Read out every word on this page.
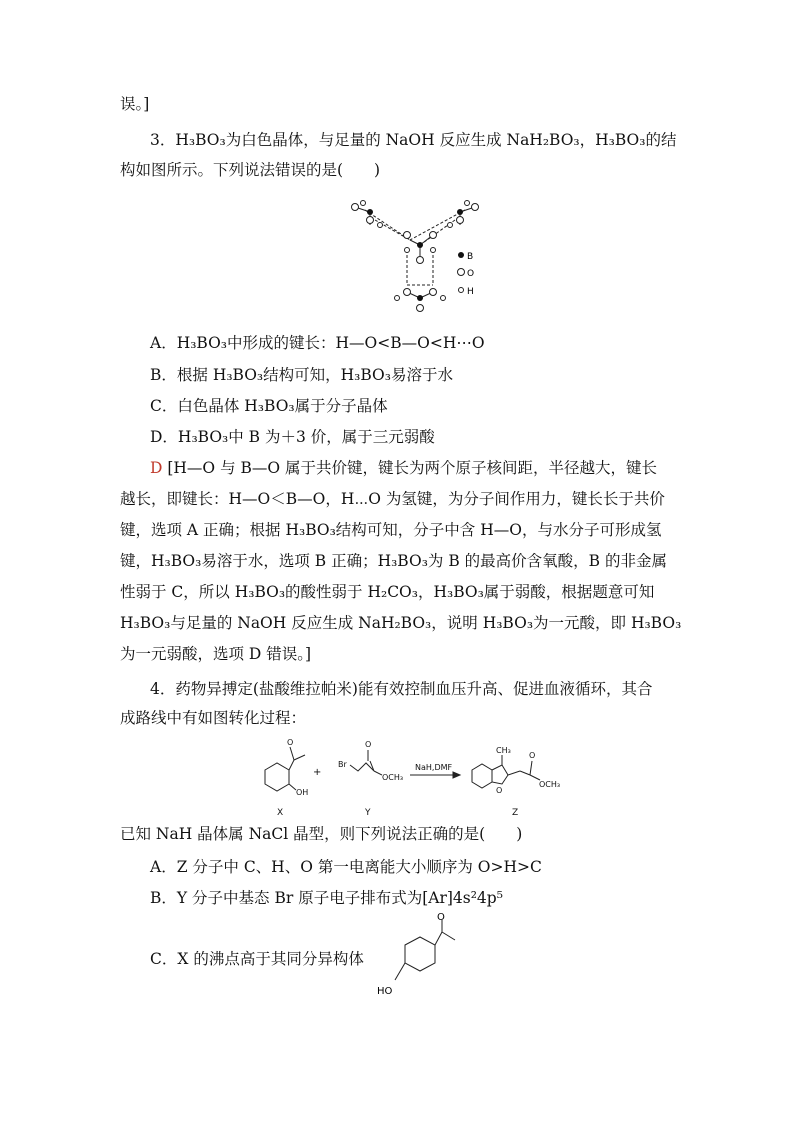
误。]
3．H₃BO₃为白色晶体，与足量的 NaOH 反应生成 NaH₂BO₃，H₃BO₃的结
构如图所示。下列说法错误的是(　　)
B
O
H
A．H₃BO₃中形成的键长：H—O<B—O<H⋯O
B．根据 H₃BO₃结构可知，H₃BO₃易溶于水
C．白色晶体 H₃BO₃属于分子晶体
D．H₃BO₃中 B 为＋3 价，属于三元弱酸
D [H—O 与 B—O 属于共价键，键长为两个原子核间距，半径越大，键长
越长，即键长：H—O＜B—O，H⋯O 为氢键，为分子间作用力，键长长于共价
键，选项 A 正确；根据 H₃BO₃结构可知，分子中含 H—O，与水分子可形成氢
键，H₃BO₃易溶于水，选项 B 正确；H₃BO₃为 B 的最高价含氧酸，B 的非金属
性弱于 C，所以 H₃BO₃的酸性弱于 H₂CO₃，H₃BO₃属于弱酸，根据题意可知
H₃BO₃与足量的 NaOH 反应生成 NaH₂BO₃，说明 H₃BO₃为一元酸，即 H₃BO₃
为一元弱酸，选项 D 错误。]
4．药物异搏定(盐酸维拉帕米)能有效控制血压升高、促进血液循环，其合
成路线中有如图转化过程：
O
OH
X
+
Br
O
OCH₃
Y
NaH,DMF
CH₃
O
O
OCH₃
Z
已知 NaH 晶体属 NaCl 晶型，则下列说法正确的是(　　)
A．Z 分子中 C、H、O 第一电离能大小顺序为 O>H>C
B．Y 分子中基态 Br 原子电子排布式为[Ar]4s²4p⁵
C．X 的沸点高于其同分异构体
O
HO
